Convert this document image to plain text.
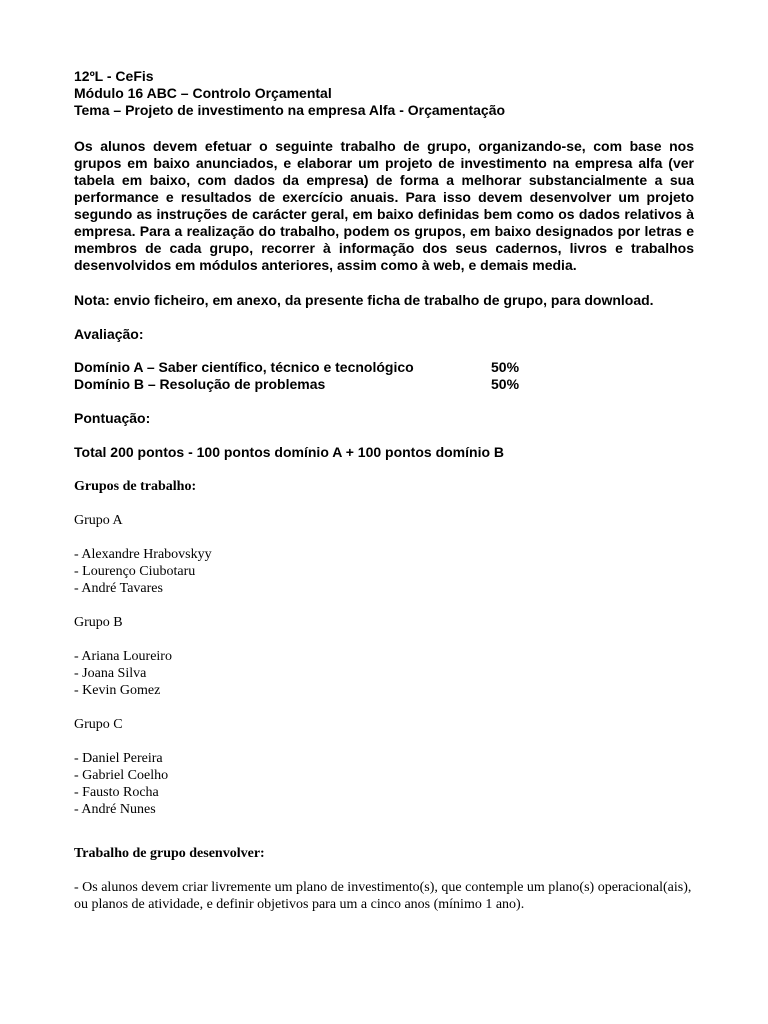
12ºL - CeFis

Módulo 16 ABC – Controlo Orçamental

Tema – Projeto de investimento na empresa Alfa - Orçamentação

Os alunos devem efetuar o seguinte trabalho de grupo, organizando-se, com base nos grupos em baixo anunciados, e elaborar um projeto de investimento na empresa alfa (ver tabela em baixo, com dados da empresa) de forma a melhorar substancialmente a sua performance e resultados de exercício anuais. Para isso devem desenvolver um projeto segundo as instruções de carácter geral, em baixo definidas bem como os dados relativos à empresa. Para a realização do trabalho, podem os grupos, em baixo designados por letras e membros de cada grupo, recorrer à informação dos seus cadernos, livros e trabalhos desenvolvidos em módulos anteriores, assim como à web, e demais media.

Nota: envio ficheiro, em anexo, da presente ficha de trabalho de grupo, para download.

Avaliação:

Domínio A – Saber científico, técnico e tecnológico	50%
Domínio B – Resolução de problemas	50%

Pontuação:

Total 200 pontos - 100 pontos domínio A + 100 pontos domínio B

Grupos de trabalho:

Grupo A

- Alexandre Hrabovskyy

- Lourenço Ciubotaru

- André Tavares

Grupo B

- Ariana Loureiro

- Joana Silva

- Kevin Gomez

Grupo C

- Daniel Pereira

- Gabriel Coelho

- Fausto Rocha

- André Nunes

Trabalho de grupo desenvolver:

- Os alunos devem criar livremente um plano de investimento(s), que contemple um plano(s) operacional(ais), ou planos de atividade, e definir objetivos para um a cinco anos (mínimo 1 ano).
